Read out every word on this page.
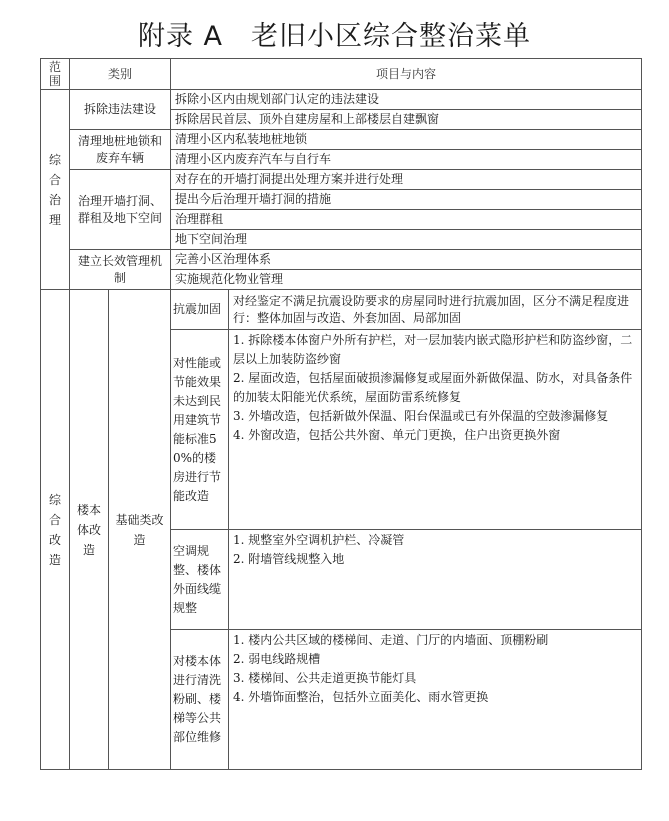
附录 A　老旧小区综合整治菜单
范围	类别		项目与内容	
综合治理	拆除违法建设		拆除小区内由规划部门认定的违法建设	
			拆除居民首层、顶外自建房屋和上部楼层自建飘窗	
	清理地桩地锁和废弃车辆		清理小区内私装地桩地锁	
			清理小区内废弃汽车与自行车	
	治理开墙打洞、群租及地下空间		对存在的开墙打洞提出处理方案并进行处理	
			提出今后治理开墙打洞的措施	
			治理群租	
			地下空间治理	
	建立长效管理机制		完善小区治理体系	
			实施规范化物业管理	
综合改造	楼本体改造	基础类改造	抗震加固	对经鉴定不满足抗震设防要求的房屋同时进行抗震加固，区分不满足程度进行：整体加固与改造、外套加固、局部加固
			对性能或节能效果未达到民用建筑节能标准50%的楼房进行节能改造	1. 拆除楼本体窗户外所有护栏，对一层加装内嵌式隐形护栏和防盗纱窗，二层以上加装防盗纱窗
2. 屋面改造，包括屋面破损渗漏修复或屋面外新做保温、防水，对具备条件的加装太阳能光伏系统，屋面防雷系统修复
3. 外墙改造，包括新做外保温、阳台保温或已有外保温的空鼓渗漏修复
4. 外窗改造，包括公共外窗、单元门更换，住户出资更换外窗

			空调规整、楼体外面线缆规整	1. 规整室外空调机护栏、冷凝管
2. 附墙管线规整入地

			对楼本体进行清洗粉刷、楼梯等公共部位维修	1. 楼内公共区域的楼梯间、走道、门厅的内墙面、顶棚粉刷
2. 弱电线路规槽
3. 楼梯间、公共走道更换节能灯具
4. 外墙饰面整治，包括外立面美化、雨水管更换
